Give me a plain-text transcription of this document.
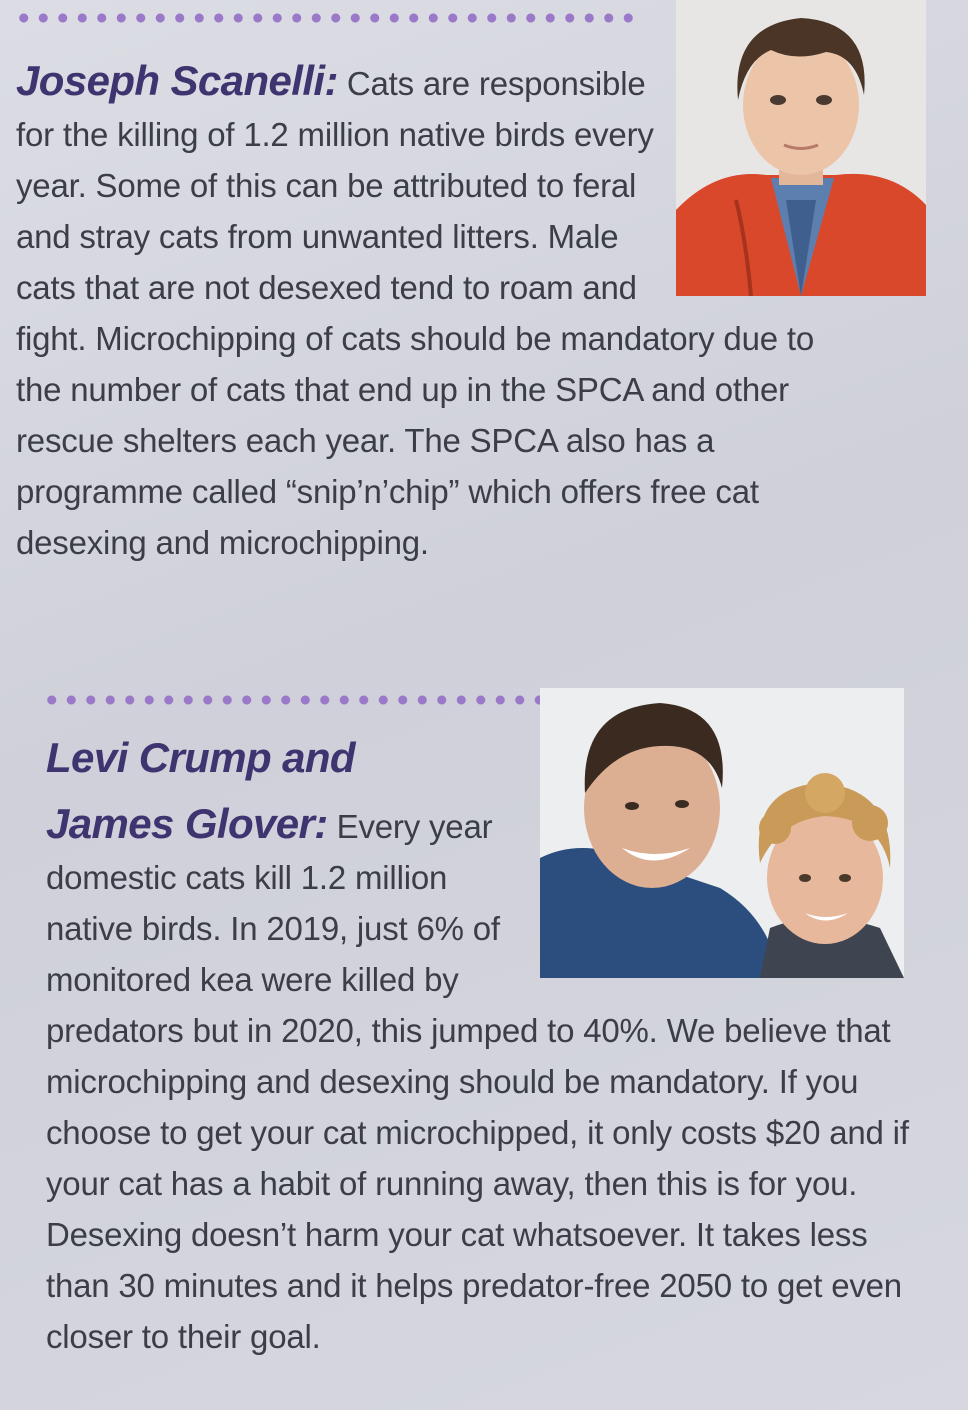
Joseph Scanelli: Cats are responsible for the killing of 1.2 million native birds every year. Some of this can be attributed to feral and stray cats from unwanted litters. Male cats that are not desexed tend to roam and fight. Microchipping of cats should be mandatory due to the number of cats that end up in the SPCA and other rescue shelters each year. The SPCA also has a programme called “snip’n’chip” which offers free cat desexing and microchipping.

Levi Crump and

James Glover: Every year domestic cats kill 1.2 million native birds. In 2019, just 6% of monitored kea were killed by predators but in 2020, this jumped to 40%. We believe that microchipping and desexing should be mandatory. If you choose to get your cat microchipped, it only costs $20 and if your cat has a habit of running away, then this is for you. Desexing doesn’t harm your cat whatsoever. It takes less than 30 minutes and it helps predator-free 2050 to get even closer to their goal.
